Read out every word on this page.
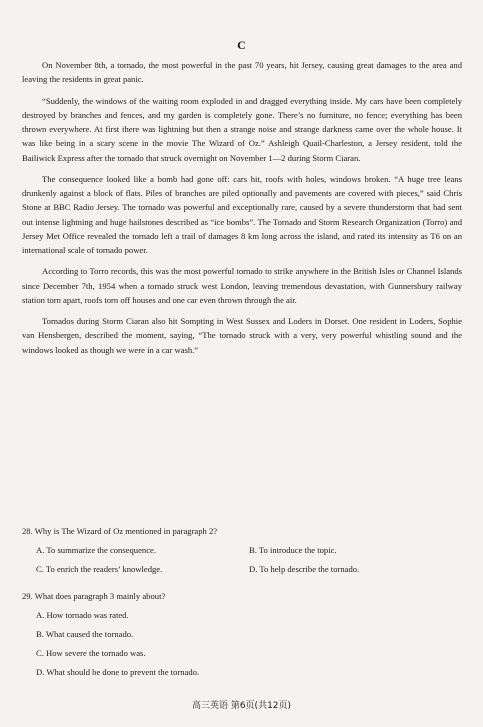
C

On November 8th, a tornado, the most powerful in the past 70 years, hit Jersey, causing great damages to the area and leaving the residents in great panic.

“Suddenly, the windows of the waiting room exploded in and dragged everything inside. My cars have been completely destroyed by branches and fences, and my garden is completely gone. There’s no furniture, no fence; everything has been thrown everywhere. At first there was lightning but then a strange noise and strange darkness came over the whole house. It was like being in a scary scene in the movie The Wizard of Oz.” Ashleigh Quail-Charleston, a Jersey resident, told the Bailiwick Express after the tornado that struck overnight on November 1—2 during Storm Ciaran.

The consequence looked like a bomb had gone off: cars hit, roofs with holes, windows broken. “A huge tree leans drunkenly against a block of flats. Piles of branches are piled optionally and pavements are covered with pieces,” said Chris Stone at BBC Radio Jersey. The tornado was powerful and exceptionally rare, caused by a severe thunderstorm that had sent out intense lightning and huge hailstones described as “ice bombs”. The Tornado and Storm Research Organization (Torro) and Jersey Met Office revealed the tornado left a trail of damages 8 km long across the island, and rated its intensity as T6 on an international scale of tornado power.

According to Torro records, this was the most powerful tornado to strike anywhere in the British Isles or Channel Islands since December 7th, 1954 when a tornado struck west London, leaving tremendous devastation, with Gunnersbury railway station torn apart, roofs torn off houses and one car even thrown through the air.

Tornados during Storm Ciaran also hit Sompting in West Sussex and Loders in Dorset. One resident in Loders, Sophie van Hensbergen, described the moment, saying, “The tornado struck with a very, very powerful whistling sound and the windows looked as though we were in a car wash.”

28. Why is The Wizard of Oz mentioned in paragraph 2?
A. To summarize the consequence.
C. To enrich the readers’ knowledge.
B. To introduce the topic.
D. To help describe the tornado.
29. What does paragraph 3 mainly about?
A. How tornado was rated.
B. What caused the tornado.
C. How severe the tornado was.
D. What should be done to prevent the tornado.
高三英语 第6页(共12页)
